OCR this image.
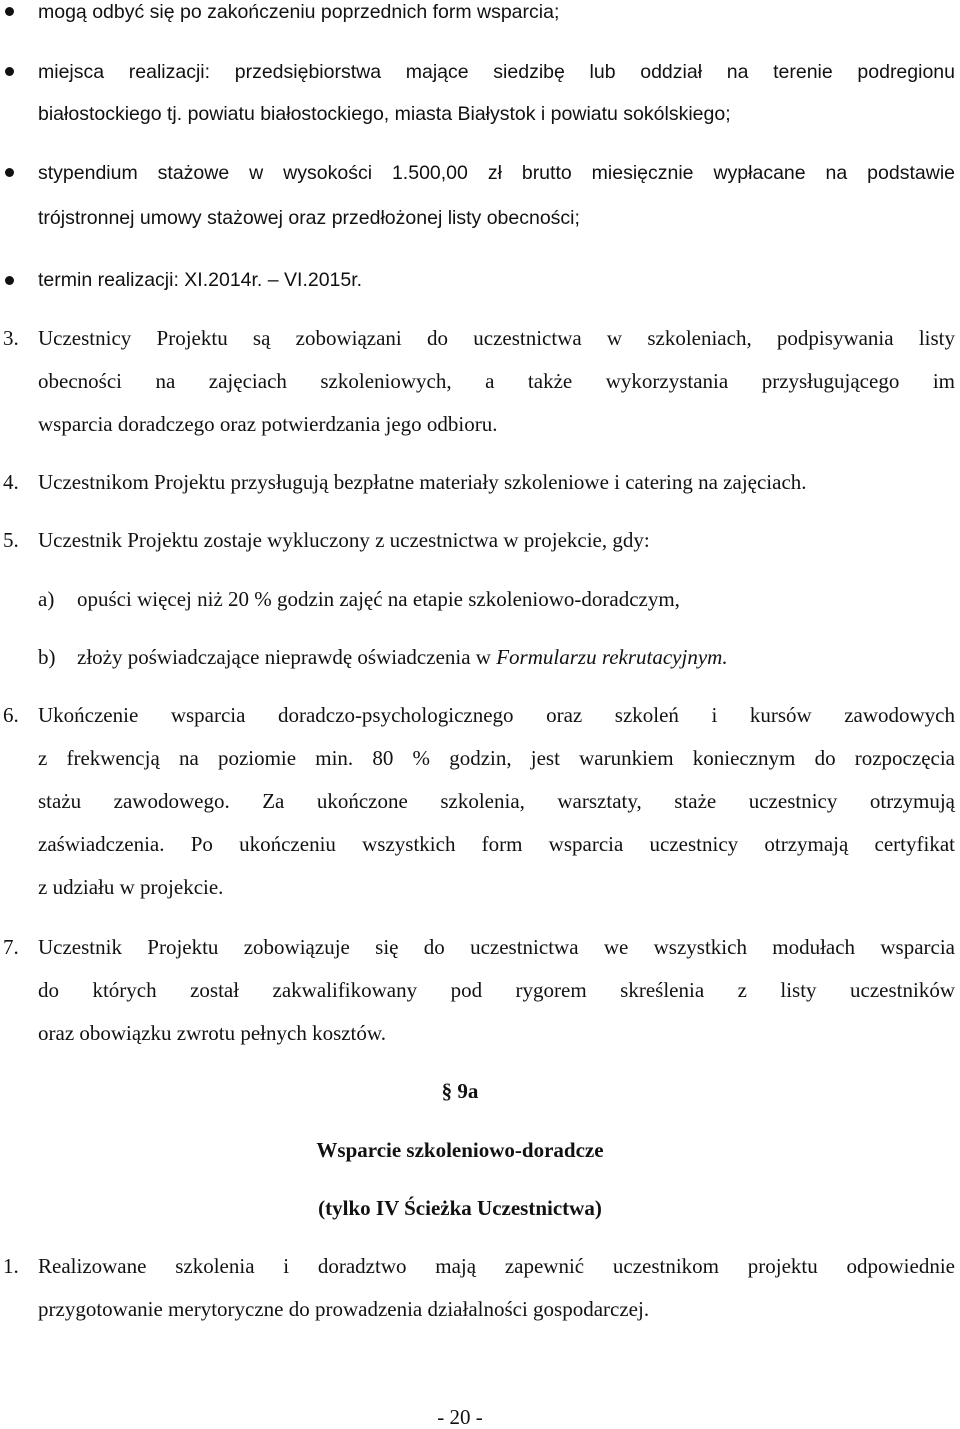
mogą odbyć się po zakończeniu poprzednich form wsparcia;
miejsca realizacji: przedsiębiorstwa mające siedzibę lub oddział na terenie podregionu
białostockiego tj. powiatu białostockiego, miasta Białystok i powiatu sokólskiego;
stypendium stażowe w wysokości 1.500,00 zł brutto miesięcznie wypłacane na podstawie
trójstronnej umowy stażowej oraz przedłożonej listy obecności;
termin realizacji: XI.2014r. – VI.2015r.
3. Uczestnicy Projektu są zobowiązani do uczestnictwa w szkoleniach, podpisywania listy
obecności na zajęciach szkoleniowych, a także wykorzystania przysługującego im
wsparcia doradczego oraz potwierdzania jego odbioru.
4. Uczestnikom Projektu przysługują bezpłatne materiały szkoleniowe i catering na zajęciach.
5. Uczestnik Projektu zostaje wykluczony z uczestnictwa w projekcie, gdy:
a) opuści więcej niż 20 % godzin zajęć na etapie szkoleniowo-doradczym,
b) złoży poświadczające nieprawdę oświadczenia w Formularzu rekrutacyjnym.
6. Ukończenie wsparcia doradczo-psychologicznego oraz szkoleń i kursów zawodowych
z frekwencją na poziomie min. 80 % godzin, jest warunkiem koniecznym do rozpoczęcia
stażu zawodowego. Za ukończone szkolenia, warsztaty, staże uczestnicy otrzymują
zaświadczenia. Po ukończeniu wszystkich form wsparcia uczestnicy otrzymają certyfikat
z udziału w projekcie.
7. Uczestnik Projektu zobowiązuje się do uczestnictwa we wszystkich modułach wsparcia
do których został zakwalifikowany pod rygorem skreślenia z listy uczestników
oraz obowiązku zwrotu pełnych kosztów.
§ 9a
Wsparcie szkoleniowo-doradcze
(tylko IV Ścieżka Uczestnictwa)
1. Realizowane szkolenia i doradztwo mają zapewnić uczestnikom projektu odpowiednie
przygotowanie merytoryczne do prowadzenia działalności gospodarczej.
- 20 -
